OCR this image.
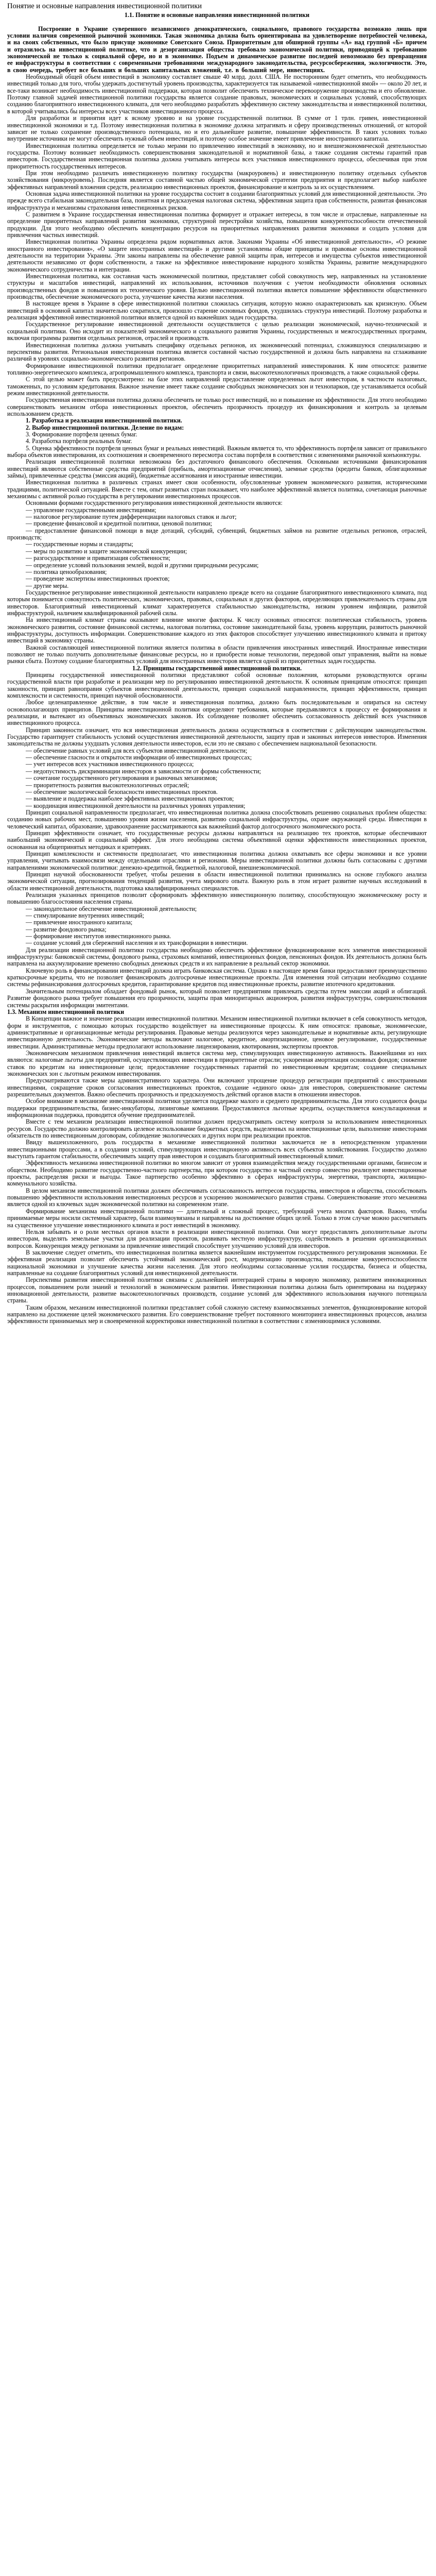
Понятие и основные направления инвестиционной политики
1.1. Понятие и основные направления инвестиционной политики

Построение в Украине суверенного независимого демократического, социального, правового государства возможно лишь при условии наличия современной рыночной экономики. Такая экономика должна быть ориентирована на удовлетворение потребностей человека, и на своих собственных, что было присуще экономике Советского Союза. Приоритетным для обширной группы «А» над группой «Б» причем и отразилось на инвестиционной политике, что и дезорганизация общества требовало экономической политики, приводящей к требованию экономической не только к социальной сфере, но и в экономике. Подъем и динамическое развитие последней невозможно без превращения ее инфраструктуры в соответствии с современными требованиями международного законодательства, ресурсосбережения, экологичности. Это, в свою очередь, требует все больших и больших капитальных вложений, т.е. в больший мере, инвестициях.

Необходимый общей объем инвестиций в экономику составляет свыше 40 млрд. долл. США. Не посторонним будет отметить, что необходимость инвестиций только для того, чтобы удержать достигнутый уровень производства, характеризуется так называемой «инвестиционной ямой» — около 20 лет, и все-таки возникает необходимость инвестиционной поддержки, которая позволит обеспечить техническое перевооружение производства и его обновление. Поэтому главной задачей инвестиционной политики государства является создание правовых, экономических и социальных условий, способствующих созданию благоприятного инвестиционного климата, для чего необходимо разработать эффективную систему законодательства и инвестиционной политики, в которой учитывались бы интересы всех участников инвестиционного процесса.

Для разработки и принятия идет к ясному уровню и на уровне государственной политики. В сумме от 1 трлн. гривен, инвестиционной инвестиционной экономики и т.д. Поэтому инвестиционная политика в экономике должна затрагивать и сферу производственных отношений, от которой зависит не только сохранение производственного потенциала, но и его дальнейшее развитие, повышение эффективности. В таких условиях только внутренние источники не могут обеспечить нужный объем инвестиций, и поэтому особое значение имеет привлечение иностранного капитала.

Инвестиционная политика определяется не только мерами по привлечению инвестиций в экономику, но и внешнеэкономической деятельностью государства. Поэтому возникает необходимость совершенствования законодательной и нормативной базы, а также создания системы гарантий прав инвесторов. Государственная инвестиционная политика должна учитывать интересы всех участников инвестиционного процесса, обеспечивая при этом приоритетность государственных интересов.

При этом необходимо различать инвестиционную политику государства (макроуровень) и инвестиционную политику отдельных субъектов хозяйствования (микроуровень). Последняя является составной частью общей экономической стратегии предприятия и предполагает выбор наиболее эффективных направлений вложения средств, реализацию инвестиционных проектов, финансирование и контроль за их осуществлением.

Основная задача инвестиционной политики на уровне государства состоит в создании благоприятных условий для инвестиционной деятельности. Это прежде всего стабильная законодательная база, понятная и предсказуемая налоговая система, эффективная защита прав собственности, развитая финансовая инфраструктура и механизмы страхования инвестиционных рисков.

С развитием в Украине государственная инвестиционная политика формирует и отражает интересы, в том числе и отраслевые, направленные на определение приоритетных направлений развития экономики, структурной перестройки хозяйства, повышения конкурентоспособности отечественной продукции. Для этого необходимо обеспечить концентрацию ресурсов на приоритетных направлениях развития экономики и создать условия для привлечения частных инвестиций.

Инвестиционная политика Украины определена рядом нормативных актов. Законами Украины «Об инвестиционной деятельности», «О режиме иностранного инвестирования», «О защите иностранных инвестиций» и другими установлены общие принципы и правовые основы инвестиционной деятельности на территории Украины. Эти законы направлены на обеспечение равной защиты прав, интересов и имущества субъектов инвестиционной деятельности независимо от форм собственности, а также на эффективное инвестирование народного хозяйства Украины, развитие международного экономического сотрудничества и интеграции.

Инвестиционная политика, как составная часть экономической политики, представляет собой совокупность мер, направленных на установление структуры и масштабов инвестиций, направлений их использования, источников получения с учетом необходимости обновления основных производственных фондов и повышения их технического уровня. Целью инвестиционной политики является повышение эффективности общественного производства, обеспечение экономического роста, улучшение качества жизни населения.

В настоящее время в Украине в сфере инвестиционной политики сложилась ситуация, которую можно охарактеризовать как кризисную. Объем инвестиций в основной капитал значительно сократился, произошло старение основных фондов, ухудшилась структура инвестиций. Поэтому разработка и реализация эффективной инвестиционной политики является одной из важнейших задач государства.

Государственное регулирование инвестиционной деятельности осуществляется с целью реализации экономической, научно-технической и социальной политики. Оно исходит из показателей экономического и социального развития Украины, государственных и межгосударственных программ, включая программы развития отдельных регионов, отраслей и производств.

Инвестиционная политика должна учитывать специфику отдельных регионов, их экономический потенциал, сложившуюся специализацию и перспективы развития. Региональная инвестиционная политика является составной частью государственной и должна быть направлена на сглаживание различий в уровнях социально-экономического развития регионов.

Формирование инвестиционной политики предполагает определение приоритетных направлений инвестирования. К ним относятся: развитие топливно-энергетического комплекса, агропромышленного комплекса, транспорта и связи, высокотехнологичных производств, а также социальной сферы.

С этой целью может быть предусмотрено: на базе этих направлений предоставление определенных льгот инвесторам, в частности налоговых, таможенных, по условиям кредитования. Важное значение имеет также создание свободных экономических зон и технопарков, где устанавливается особый режим инвестиционной деятельности.

Государственная инвестиционная политика должна обеспечить не только рост инвестиций, но и повышение их эффективности. Для этого необходимо совершенствовать механизм отбора инвестиционных проектов, обеспечить прозрачность процедур их финансирования и контроль за целевым использованием средств.

1. Разработка и реализация инвестиционной политики.
2. Выбор инвестиционной политики. Деление по видам:
3. Формирование портфеля ценных бумаг.
4. Разработка портфеля реальных бумаг.

5. Оценка эффективности портфеля ценных бумаг и реальных инвестиций. Важным является то, что эффективность портфеля зависит от правильного выбора объектов инвестирования, их соотношения и своевременного пересмотра состава портфеля в соответствии с изменениями рыночной конъюнктуры.

Реализация инвестиционной политики невозможна без достаточного финансового обеспечения. Основными источниками финансирования инвестиций являются собственные средства предприятий (прибыль, амортизационные отчисления), заемные средства (кредиты банков, облигационные займы), привлеченные средства (эмиссия акций), бюджетные ассигнования и иностранные инвестиции.

Инвестиционная политика в различных странах имеет свои особенности, обусловленные уровнем экономического развития, историческими традициями, политической ситуацией. Вместе с тем, опыт развитых стран показывает, что наиболее эффективной является политика, сочетающая рыночные механизмы с активной ролью государства в регулировании инвестиционных процессов.

Основными формами государственного регулирования инвестиционной деятельности являются:

— управление государственными инвестициями;
— налоговое регулирование путем дифференциации налоговых ставок и льгот;
— проведение финансовой и кредитной политики, ценовой политики;
— предоставление финансовой помощи в виде дотаций, субсидий, субвенций, бюджетных займов на развитие отдельных регионов, отраслей, производств;
— государственные нормы и стандарты;
— меры по развитию и защите экономической конкуренции;
— разгосударствление и приватизация собственности;
— определение условий пользования землей, водой и другими природными ресурсами;
— политика ценообразования;
— проведение экспертизы инвестиционных проектов;
— другие меры.

Государственное регулирование инвестиционной деятельности направлено прежде всего на создание благоприятного инвестиционного климата, под которым понимается совокупность политических, экономических, правовых, социальных и других факторов, определяющих привлекательность страны для инвесторов. Благоприятный инвестиционный климат характеризуется стабильностью законодательства, низким уровнем инфляции, развитой инфраструктурой, наличием квалифицированной рабочей силы.

На инвестиционный климат страны оказывают влияние многие факторы. К числу основных относятся: политическая стабильность, уровень экономического развития, состояние финансовой системы, налоговая политика, состояние законодательной базы, уровень коррупции, развитость рыночной инфраструктуры, доступность информации. Совершенствование каждого из этих факторов способствует улучшению инвестиционного климата и притоку инвестиций в экономику страны.

Важной составляющей инвестиционной политики является политика в области привлечения иностранных инвестиций. Иностранные инвестиции позволяют не только получить дополнительные финансовые ресурсы, но и приобрести новые технологии, передовой опыт управления, выйти на новые рынки сбыта. Поэтому создание благоприятных условий для иностранных инвесторов является одной из приоритетных задач государства.

1.2. Принципы государственной инвестиционной политики.

Принципы государственной инвестиционной политики представляют собой основные положения, которыми руководствуются органы государственной власти при разработке и реализации мер по регулированию инвестиционной деятельности. К основным принципам относятся: принцип законности, принцип равноправия субъектов инвестиционной деятельности, принцип социальной направленности, принцип эффективности, принцип комплексности и системности, принцип научной обоснованности.

Любое целенаправленное действие, в том числе и инвестиционная политика, должно быть последовательным и опираться на систему основополагающих принципов. Принципы инвестиционной политики определяют требования, которые предъявляются к процессу ее формирования и реализации, и вытекают из объективных экономических законов. Их соблюдение позволяет обеспечить согласованность действий всех участников инвестиционного процесса.

Принцип законности означает, что вся инвестиционная деятельность должна осуществляться в соответствии с действующим законодательством. Государство гарантирует стабильность условий осуществления инвестиционной деятельности, защиту прав и законных интересов инвесторов. Изменения законодательства не должны ухудшать условия деятельности инвесторов, если это не связано с обеспечением национальной безопасности.

— обеспечение равных условий для всех субъектов инвестиционной деятельности;
— обеспечение гласности и открытости информации об инвестиционных процессах;
— учет интересов всех участников инвестиционного процесса;
— недопустимость дискриминации инвесторов в зависимости от формы собственности;
— сочетание государственного регулирования и рыночных механизмов;
— приоритетность развития высокотехнологичных отраслей;
— обеспечение экологической безопасности инвестиционных проектов.
— выявление и поддержка наиболее эффективных инвестиционных проектов;
— координация инвестиционной деятельности на различных уровнях управления;

Принцип социальной направленности предполагает, что инвестиционная политика должна способствовать решению социальных проблем общества: созданию новых рабочих мест, повышению уровня жизни населения, развитию социальной инфраструктуры, охране окружающей среды. Инвестиции в человеческий капитал, образование, здравоохранение рассматриваются как важнейший фактор долгосрочного экономического роста.

Принцип эффективности означает, что государственные ресурсы должны направляться на реализацию тех проектов, которые обеспечивают наибольший экономический и социальный эффект. Для этого необходима система объективной оценки эффективности инвестиционных проектов, основанная на общепринятых методиках и критериях.

Принцип комплексности и системности предполагает, что инвестиционная политика должна охватывать все сферы экономики и все уровни управления, учитывать взаимосвязи между отдельными отраслями и регионами. Меры инвестиционной политики должны быть согласованы с другими направлениями экономической политики: денежно-кредитной, бюджетной, налоговой, внешнеэкономической.

Принцип научной обоснованности требует, чтобы решения в области инвестиционной политики принимались на основе глубокого анализа экономической ситуации, прогнозирования тенденций развития, учета мирового опыта. Важную роль в этом играет развитие научных исследований в области инвестиционной деятельности, подготовка квалифицированных специалистов.

Реализация указанных принципов позволит сформировать эффективную инвестиционную политику, способствующую экономическому росту и повышению благосостояния населения страны.

— законодательное обеспечение инвестиционной деятельности;
— стимулирование внутренних инвестиций;
— привлечение иностранного капитала;
— развитие фондового рынка;
— формирование институтов инвестиционного рынка.
— создание условий для сбережений населения и их трансформации в инвестиции.

Для реализации инвестиционной политики государства необходимо обеспечить эффективное функционирование всех элементов инвестиционной инфраструктуры: банковской системы, фондового рынка, страховых компаний, инвестиционных фондов, пенсионных фондов. Их деятельность должна быть направлена на аккумулирование временно свободных денежных средств и их направление в реальный сектор экономики.

Ключевую роль в финансировании инвестиций должна играть банковская система. Однако в настоящее время банки предоставляют преимущественно краткосрочные кредиты, что не позволяет финансировать долгосрочные инвестиционные проекты. Для изменения этой ситуации необходимо создание системы рефинансирования долгосрочных кредитов, гарантирование кредитов под инвестиционные проекты, развитие ипотечного кредитования.

Значительным потенциалом обладает фондовый рынок, который позволяет предприятиям привлекать средства путем эмиссии акций и облигаций. Развитие фондового рынка требует повышения его прозрачности, защиты прав миноритарных акционеров, развития инфраструктуры, совершенствования системы раскрытия информации эмитентами.

1.3. Механизм инвестиционной политики

В Концепции важное и значение реализации инвестиционной политики. Механизм инвестиционной политики включает в себя совокупность методов, форм и инструментов, с помощью которых государство воздействует на инвестиционные процессы. К ним относятся: правовые, экономические, административные и организационные методы регулирования. Правовые методы реализуются через законодательные и нормативные акты, регулирующие инвестиционную деятельность. Экономические методы включают налоговое, кредитное, амортизационное, ценовое регулирование, государственные инвестиции. Административные методы предполагают использование лицензирования, квотирования, экспертизы проектов.

Экономическим механизмом привлечения инвестиций является система мер, стимулирующих инвестиционную активность. Важнейшими из них являются: налоговые льготы для предприятий, осуществляющих инвестиции в приоритетные отрасли; ускоренная амортизация основных фондов; снижение ставок по кредитам на инвестиционные цели; предоставление государственных гарантий по инвестиционным кредитам; создание специальных экономических зон с льготным режимом инвестирования.

Предусматриваются также меры административного характера. Они включают упрощение процедур регистрации предприятий с иностранными инвестициями, сокращение сроков согласования инвестиционных проектов, создание «единого окна» для инвесторов, совершенствование системы разрешительных документов. Важно обеспечить прозрачность и предсказуемость действий органов власти в отношении инвесторов.

Особое внимание в механизме инвестиционной политики уделяется поддержке малого и среднего предпринимательства. Для этого создаются фонды поддержки предпринимательства, бизнес-инкубаторы, лизинговые компании. Предоставляются льготные кредиты, осуществляется консультационная и информационная поддержка, проводится обучение предпринимателей.

Вместе с тем механизм реализации инвестиционной политики должен предусматривать систему контроля за использованием инвестиционных ресурсов. Государство должно контролировать целевое использование бюджетных средств, выделенных на инвестиционные цели, выполнение инвесторами обязательств по инвестиционным договорам, соблюдение экологических и других норм при реализации проектов.

Ввиду вышеизложенного, роль государства в механизме инвестиционной политики заключается не в непосредственном управлении инвестиционными процессами, а в создании условий, стимулирующих инвестиционную активность всех субъектов хозяйствования. Государство должно выступать гарантом стабильности, обеспечивать защиту прав инвесторов и создавать благоприятный инвестиционный климат.

Эффективность механизма инвестиционной политики во многом зависит от уровня взаимодействия между государственными органами, бизнесом и обществом. Необходимо развитие государственно-частного партнерства, при котором государство и частный сектор совместно реализуют инвестиционные проекты, распределяя риски и выгоды. Такое партнерство особенно эффективно в сферах инфраструктуры, энергетики, транспорта, жилищно-коммунального хозяйства.

В целом механизм инвестиционной политики должен обеспечивать согласованность интересов государства, инвесторов и общества, способствовать повышению эффективности использования инвестиционных ресурсов и ускорению экономического развития страны. Совершенствование этого механизма является одной из ключевых задач экономической политики на современном этапе.

Формирование механизма инвестиционной политики — длительный и сложный процесс, требующий учета многих факторов. Важно, чтобы принимаемые меры носили системный характер, были взаимоувязаны и направлены на достижение общих целей. Только в этом случае можно рассчитывать на существенное улучшение инвестиционного климата и рост инвестиций в экономику.

Нельзя забывать и о роли местных органов власти в реализации инвестиционной политики. Они могут предоставлять дополнительные льготы инвесторам, выделять земельные участки для реализации проектов, развивать местную инфраструктуру, содействовать в решении организационных вопросов. Конкуренция между регионами за привлечение инвестиций способствует улучшению условий для инвесторов.

В заключение следует отметить, что инвестиционная политика является важнейшим инструментом государственного регулирования экономики. Ее эффективная реализация позволит обеспечить устойчивый экономический рост, модернизацию производства, повышение конкурентоспособности национальной экономики и улучшение качества жизни населения. Для этого необходимы согласованные усилия государства, бизнеса и общества, направленные на создание благоприятных условий для инвестиционной деятельности.

Перспективы развития инвестиционной политики связаны с дальнейшей интеграцией страны в мировую экономику, развитием инновационных процессов, повышением роли знаний и технологий в экономическом развитии. Инвестиционная политика должна быть ориентирована на поддержку инновационной деятельности, развитие высокотехнологичных производств, создание условий для эффективного использования научного потенциала страны.

Таким образом, механизм инвестиционной политики представляет собой сложную систему взаимосвязанных элементов, функционирование которой направлено на достижение целей экономического развития. Его совершенствование требует постоянного мониторинга инвестиционных процессов, анализа эффективности принимаемых мер и своевременной корректировки инвестиционной политики в соответствии с изменяющимися условиями.
